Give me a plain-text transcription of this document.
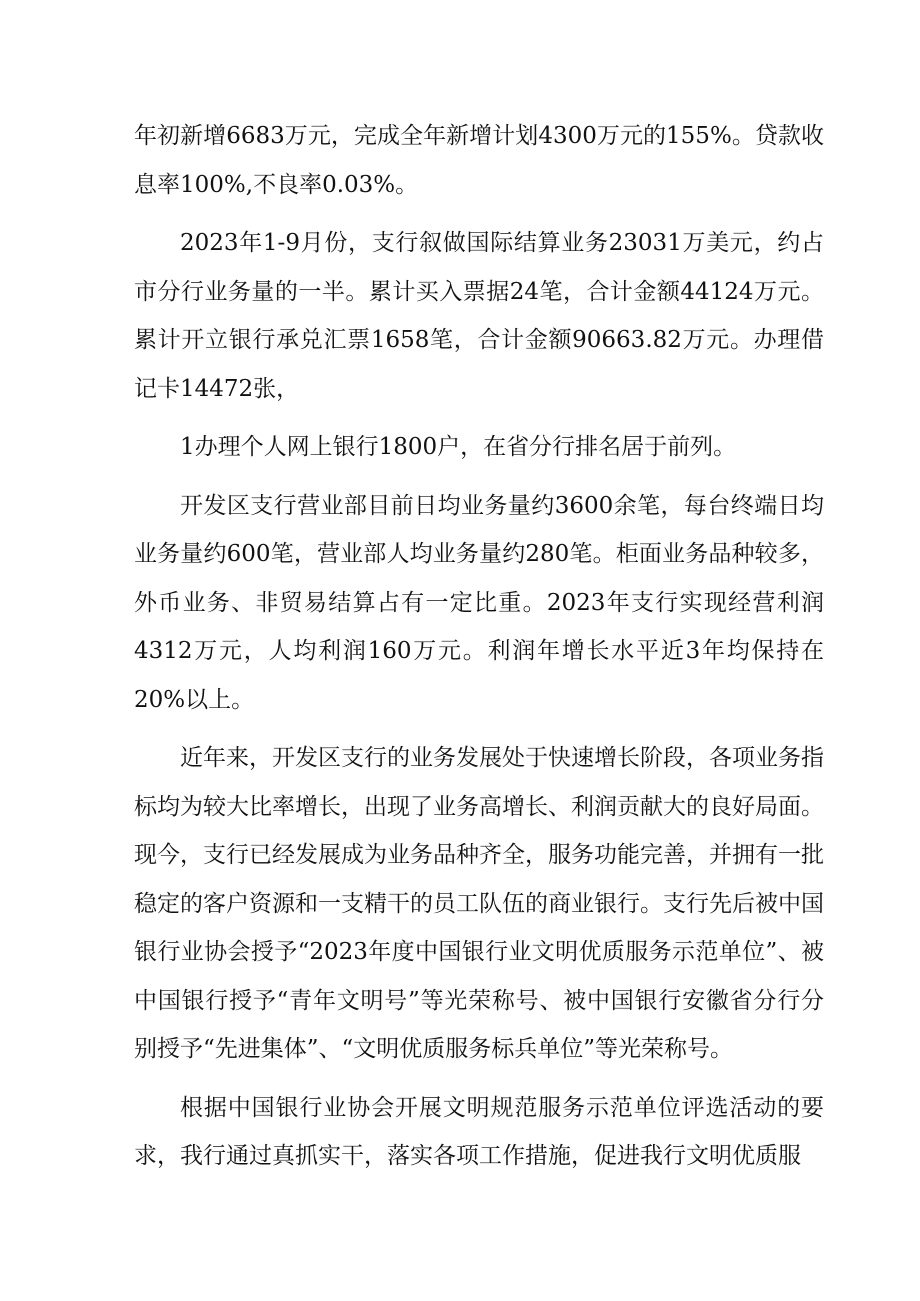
年初新增6683万元，完成全年新增计划4300万元的155%。贷款收息率100%,不良率0.03%。

2023年1-9月份，支行叙做国际结算业务23031万美元，约占市分行业务量的一半。累计买入票据24笔，合计金额44124万元。累计开立银行承兑汇票1658笔，合计金额90663.82万元。办理借记卡14472张，

1办理个人网上银行1800户，在省分行排名居于前列。

开发区支行营业部目前日均业务量约3600余笔，每台终端日均业务量约600笔，营业部人均业务量约280笔。柜面业务品种较多，外币业务、非贸易结算占有一定比重。2023年支行实现经营利润4312万元，人均利润160万元。利润年增长水平近3年均保持在20%以上。

近年来，开发区支行的业务发展处于快速增长阶段，各项业务指标均为较大比率增长，出现了业务高增长、利润贡献大的良好局面。现今，支行已经发展成为业务品种齐全，服务功能完善，并拥有一批稳定的客户资源和一支精干的员工队伍的商业银行。支行先后被中国银行业协会授予“2023年度中国银行业文明优质服务示范单位”、被中国银行授予“青年文明号”等光荣称号、被中国银行安徽省分行分别授予“先进集体”、“文明优质服务标兵单位”等光荣称号。

根据中国银行业协会开展文明规范服务示范单位评选活动的要求，我行通过真抓实干，落实各项工作措施，促进我行文明优质服
